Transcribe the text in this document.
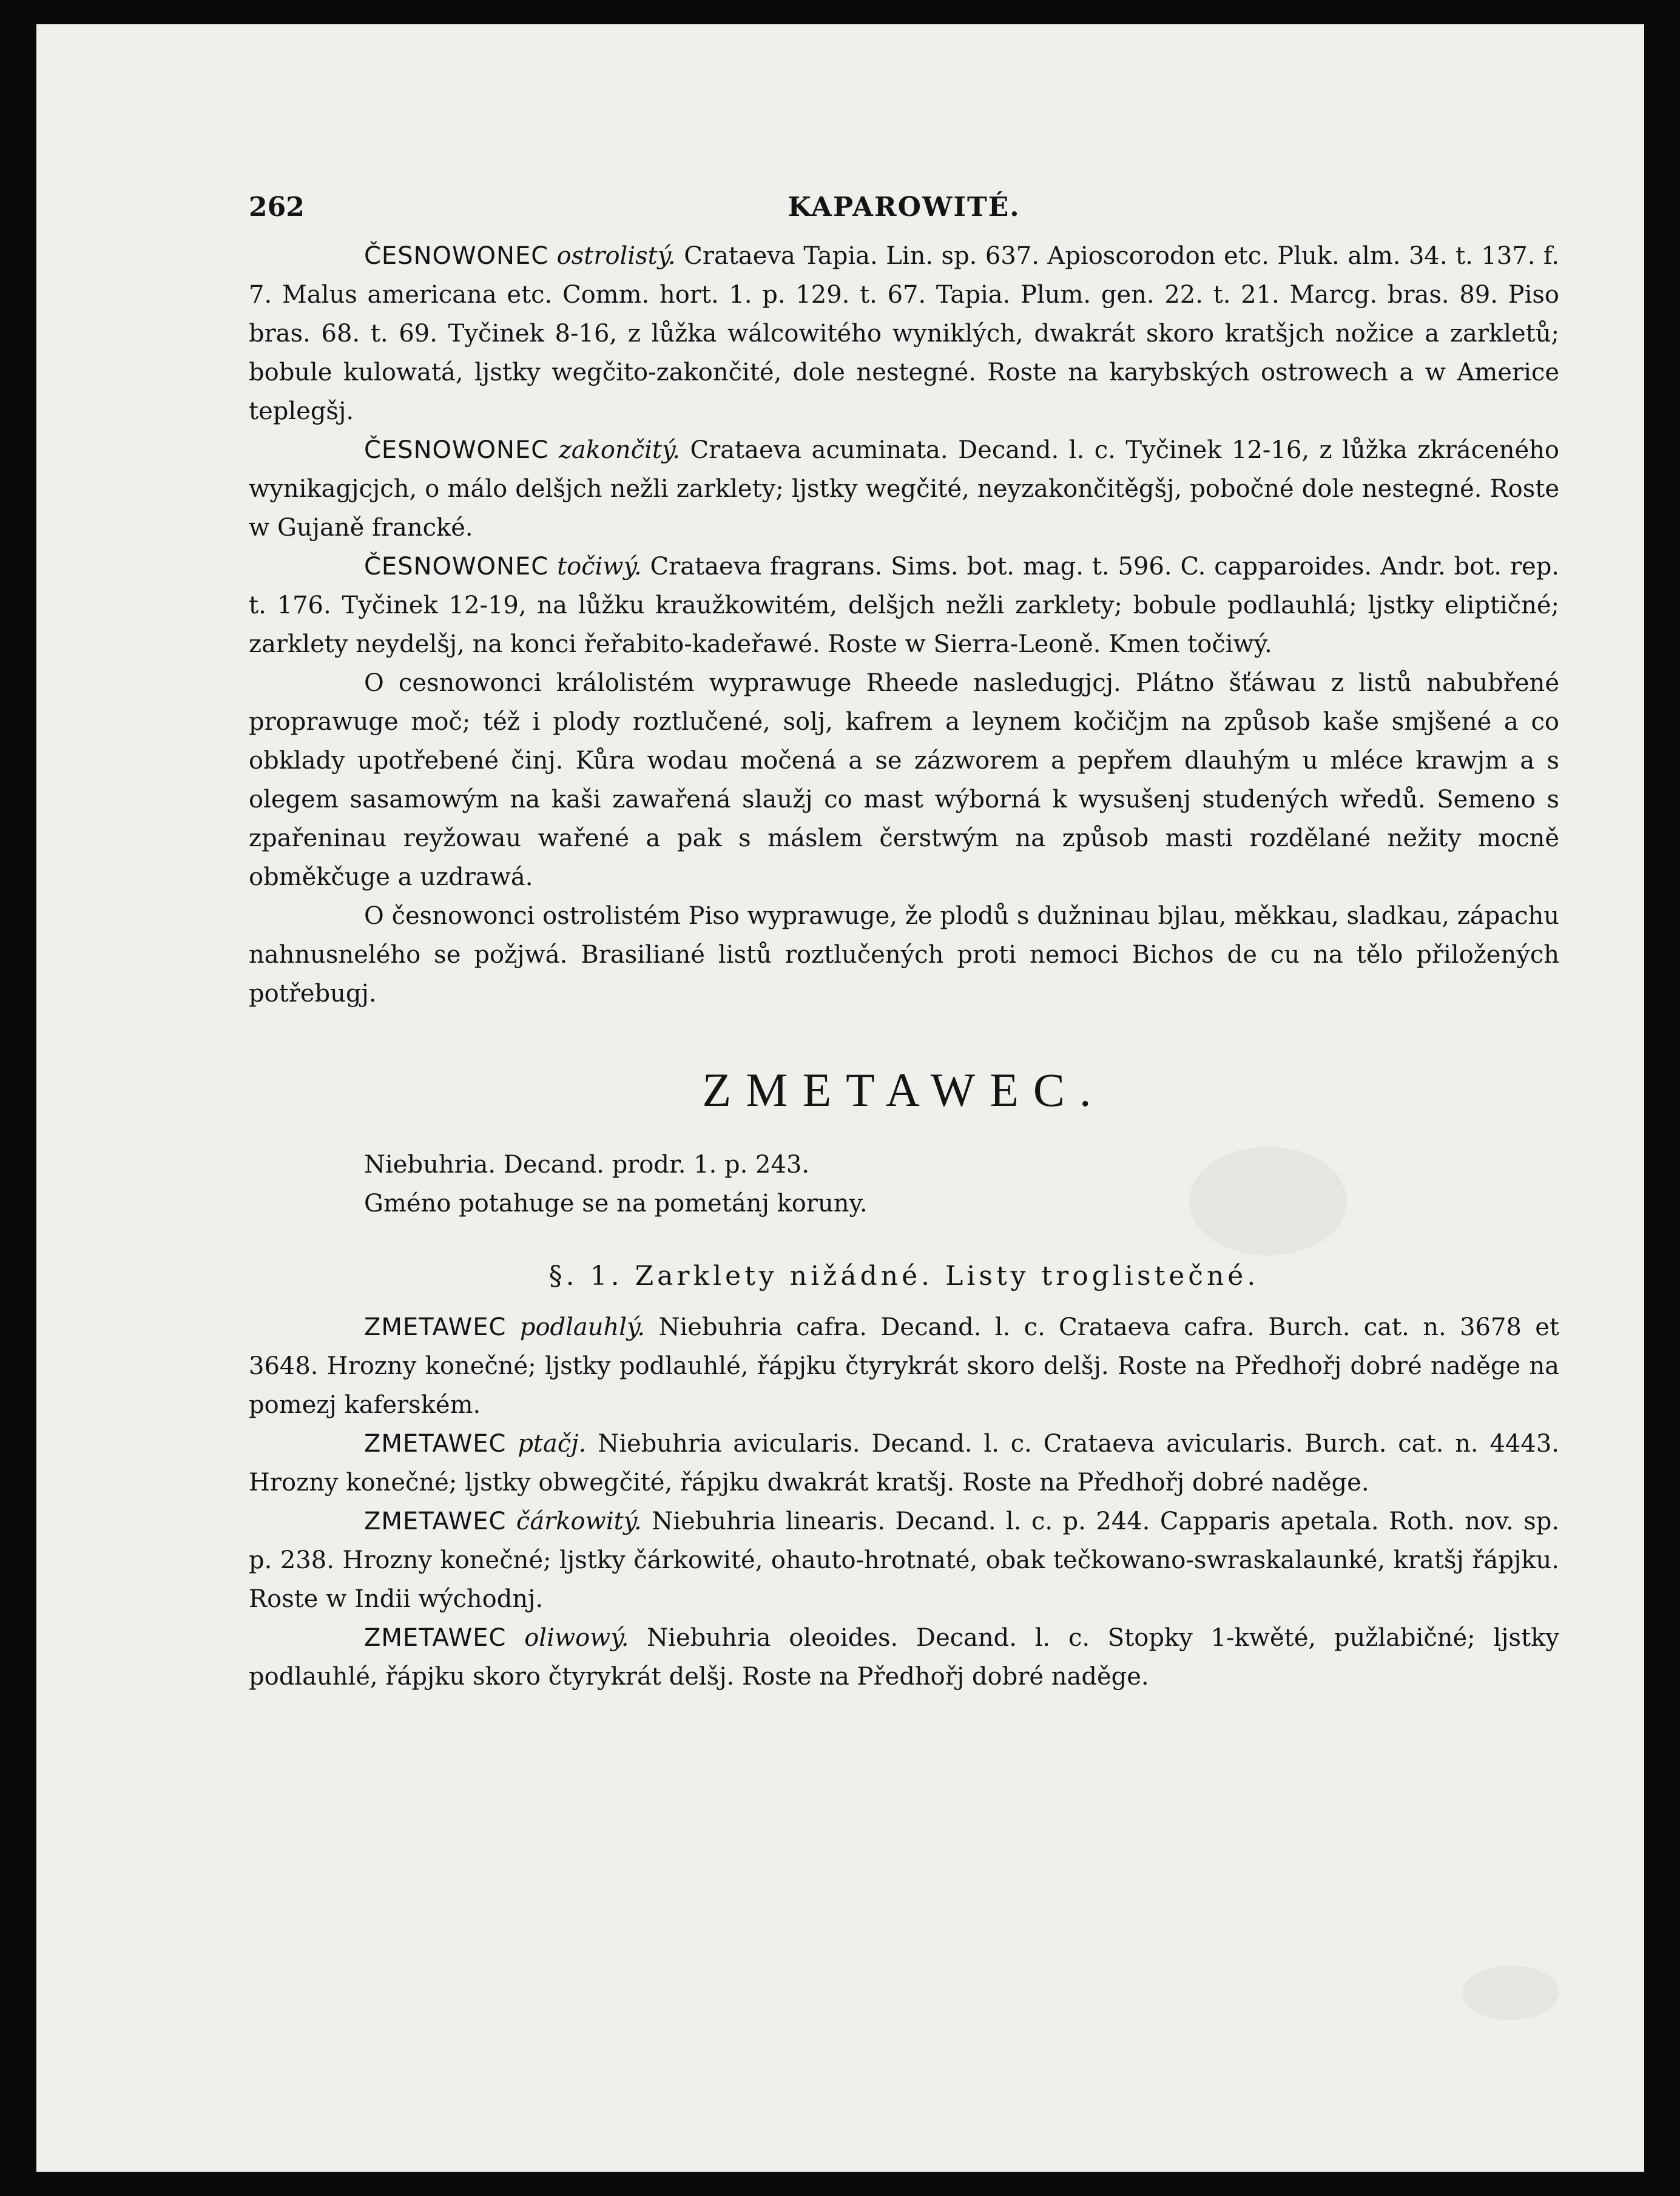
262	KAPAROWITÉ.

ČESNOWONEC ostrolistý. Crataeva Tapia. Lin. sp. 637. Apioscorodon etc. Pluk. alm. 34. t. 137. f. 7. Malus americana etc. Comm. hort. 1. p. 129. t. 67. Tapia. Plum. gen. 22. t. 21. Marcg. bras. 89. Piso bras. 68. t. 69. Tyčinek 8-16, z lůžka wálcowitého wyniklých, dwakrát skoro kratšjch nožice a zarkletů; bobule kulowatá, ljstky wegčito-zakončité, dole nestegné. Roste na karybských ostrowech a w Americe teplegšj.

ČESNOWONEC zakončitý. Crataeva acuminata. Decand. l. c. Tyčinek 12-16, z lůžka zkráceného wynikagjcjch, o málo delšjch nežli zarklety; ljstky wegčité, neyzakončitěgšj, pobočné dole nestegné. Roste w Gujaně francké.

ČESNOWONEC točiwý. Crataeva fragrans. Sims. bot. mag. t. 596. C. capparoides. Andr. bot. rep. t. 176. Tyčinek 12-19, na lůžku kraužkowitém, delšjch nežli zarklety; bobule podlauhlá; ljstky eliptičné; zarklety neydelšj, na konci řeřabito-kadeřawé. Roste w Sierra-Leoně. Kmen točiwý.

O cesnowonci králolistém wyprawuge Rheede nasledugjcj. Plátno šťáwau z listů nabubřené proprawuge moč; též i plody roztlučené, solj, kafrem a leynem kočičjm na způsob kaše smjšené a co obklady upotřebené činj. Kůra wodau močená a se zázworem a pepřem dlauhým u mléce krawjm a s olegem sasamowým na kaši zawařená slaužj co mast wýborná k wysušenj studených wředů. Semeno s zpařeninau reyžowau wařené a pak s máslem čerstwým na způsob masti rozdělané nežity mocně obměkčuge a uzdrawá.

O česnowonci ostrolistém Piso wyprawuge, že plodů s dužninau bjlau, měkkau, sladkau, zápachu nahnusnelého se požjwá. Brasiliané listů roztlučených proti nemoci Bichos de cu na tělo přiložených potřebugj.

ZMETAWEC.

Niebuhria. Decand. prodr. 1. p. 243.

Gméno potahuge se na pometánj koruny.

§. 1. Zarklety nižádné. Listy troglistečné.

ZMETAWEC podlauhlý. Niebuhria cafra. Decand. l. c. Crataeva cafra. Burch. cat. n. 3678 et 3648. Hrozny konečné; ljstky podlauhlé, řápjku čtyrykrát skoro delšj. Roste na Předhořj dobré naděge na pomezj kaferském.

ZMETAWEC ptačj. Niebuhria avicularis. Decand. l. c. Crataeva avicularis. Burch. cat. n. 4443. Hrozny konečné; ljstky obwegčité, řápjku dwakrát kratšj. Roste na Předhořj dobré naděge.

ZMETAWEC čárkowitý. Niebuhria linearis. Decand. l. c. p. 244. Capparis apetala. Roth. nov. sp. p. 238. Hrozny konečné; ljstky čárkowité, ohauto-hrotnaté, obak tečkowano-swraskalaunké, kratšj řápjku. Roste w Indii wýchodnj.

ZMETAWEC oliwowý. Niebuhria oleoides. Decand. l. c. Stopky 1-kwěté, pužlabičné; ljstky podlauhlé, řápjku skoro čtyrykrát delšj. Roste na Předhořj dobré naděge.
